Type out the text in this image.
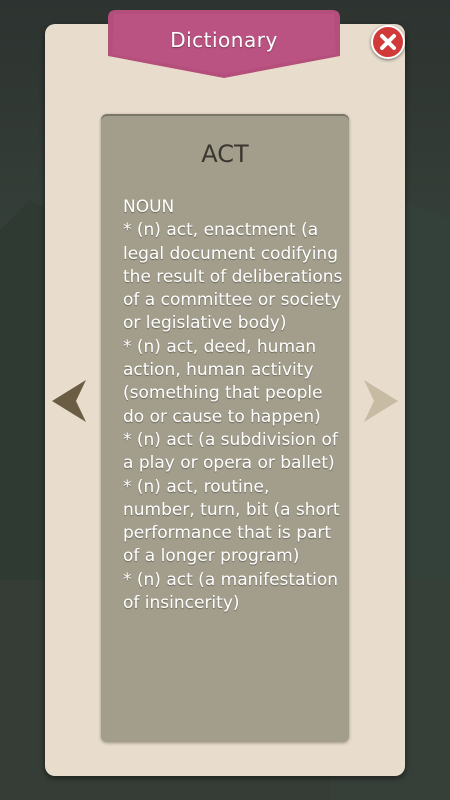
Dictionary
ACT
NOUN
* (n) act, enactment (a legal document codifying the result of deliberations of a committee or society or legislative body)
* (n) act, deed, human action, human activity (something that people do or cause to happen)
* (n) act (a subdivision of a play or opera or ballet)
* (n) act, routine, number, turn, bit (a short performance that is part of a longer program)
* (n) act (a manifestation of insincerity)
